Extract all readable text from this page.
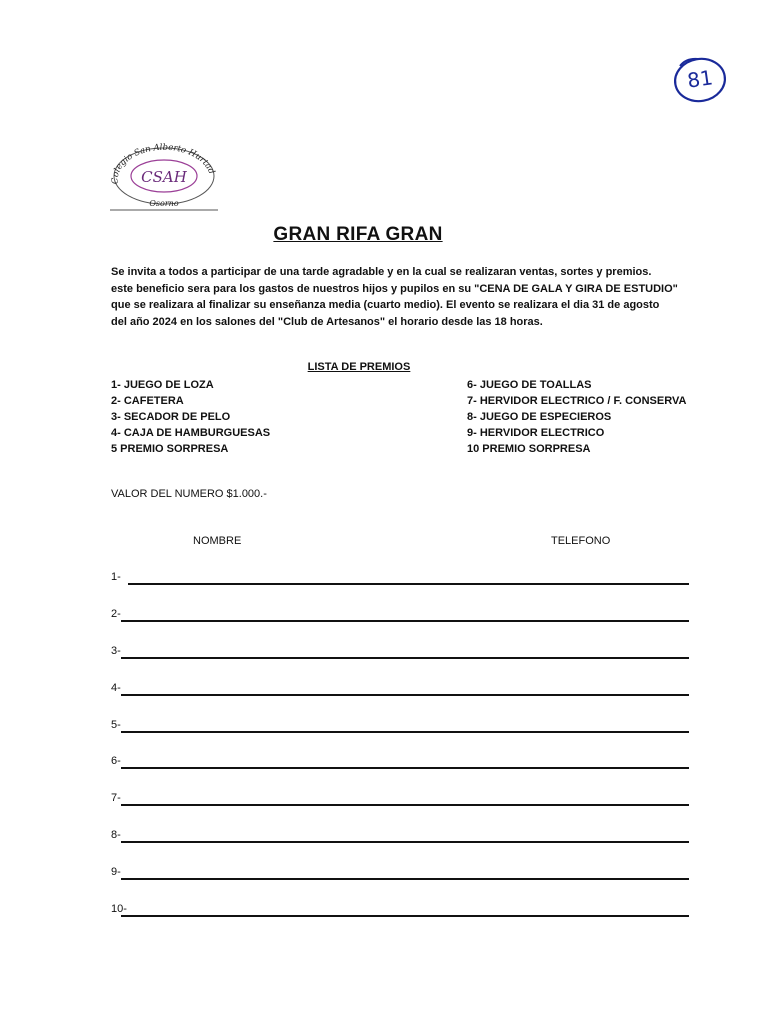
81
Colegio San Alberto Hurtad
CSAH
Osorno
GRAN RIFA GRAN
Se invita a todos a participar de una tarde agradable y en la cual se realizaran ventas, sortes y premios.
este beneficio sera para los gastos de nuestros hijos y pupilos en su "CENA DE GALA Y GIRA DE ESTUDIO"
que se realizara al finalizar su enseñanza media (cuarto medio). El evento se realizara el dia 31 de agosto
del año 2024 en los salones del "Club de Artesanos" el horario desde las 18 horas.
LISTA DE PREMIOS
1- JUEGO DE LOZA
2- CAFETERA
3- SECADOR DE PELO
4- CAJA DE HAMBURGUESAS
5 PREMIO SORPRESA
6- JUEGO DE TOALLAS
7- HERVIDOR ELECTRICO / F. CONSERVA
8- JUEGO DE ESPECIEROS
9- HERVIDOR ELECTRICO
10 PREMIO SORPRESA
VALOR DEL NUMERO $1.000.-
NOMBRE	TELEFONO
1-
2-
3-
4-
5-
6-
7-
8-
9-
10-
